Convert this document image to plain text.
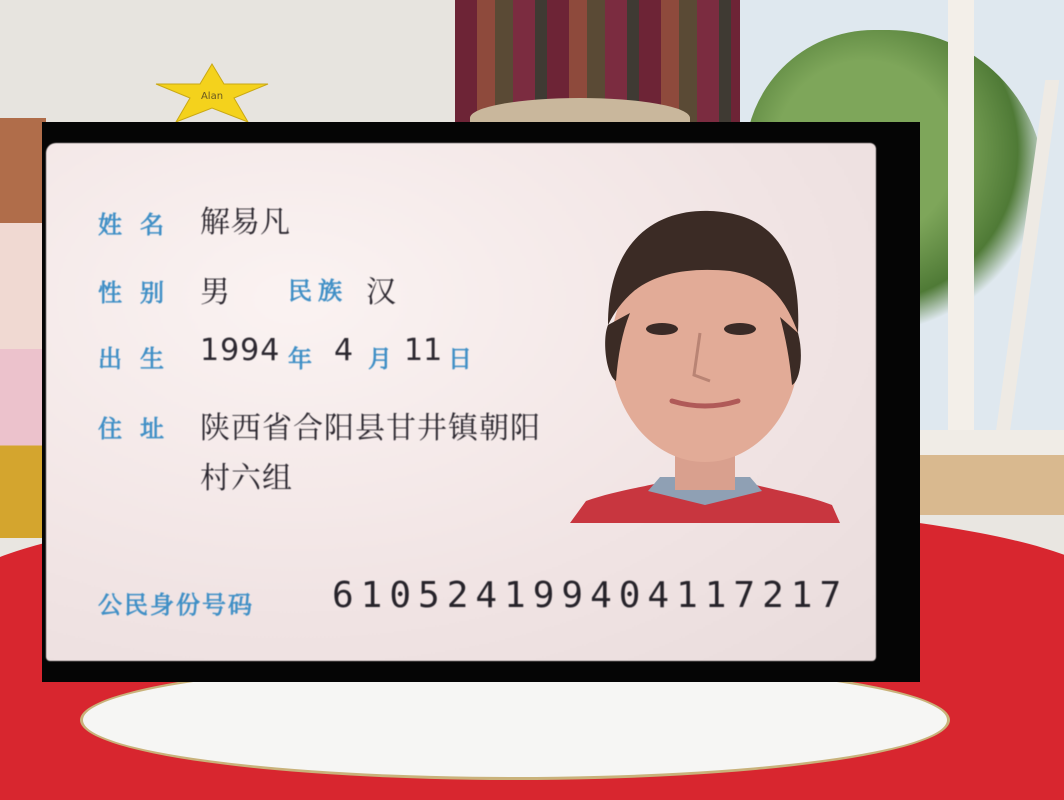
Alan
姓名 解易凡
性别 男 民族 汉
出生 1994 年 4 月 11 日
住址 陕西省合阳县甘井镇朝阳
村六组
公民身份号码 610524199404117217
